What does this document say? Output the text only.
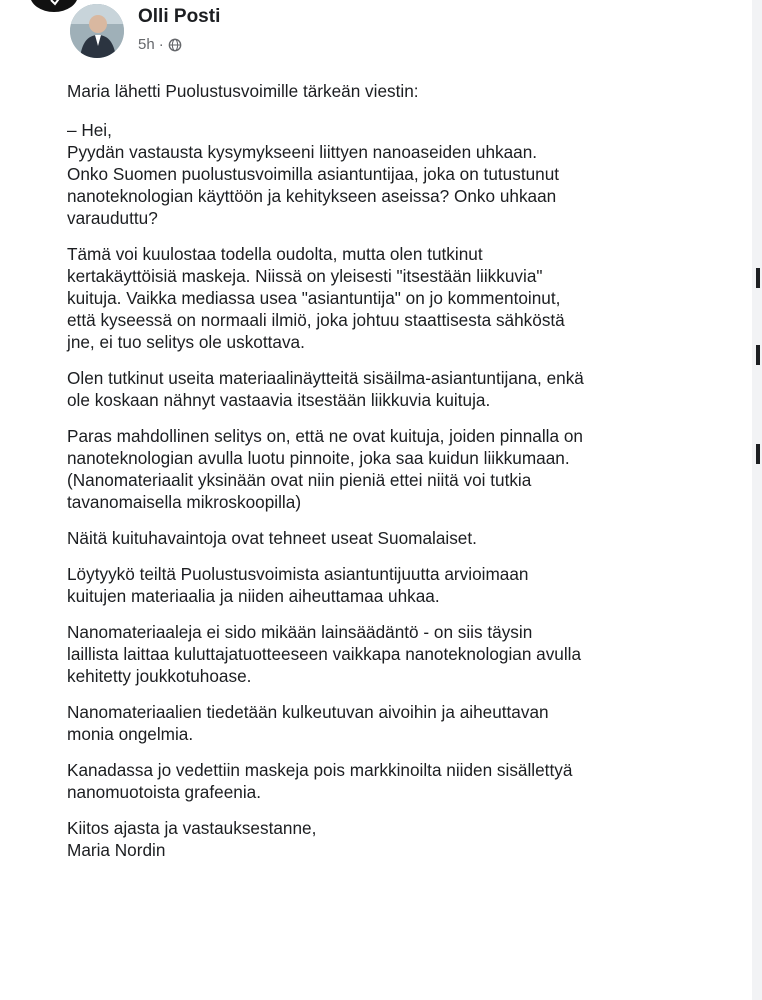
Olli Posti
5h ·

Maria lähetti Puolustusvoimille tärkeän viestin:

– Hei,
Pyydän vastausta kysymykseeni liittyen nanoaseiden uhkaan.
Onko Suomen puolustusvoimilla asiantuntijaa, joka on tutustunut
nanoteknologian käyttöön ja kehitykseen aseissa? Onko uhkaan
varauduttu?

Tämä voi kuulostaa todella oudolta, mutta olen tutkinut
kertakäyttöisiä maskeja. Niissä on yleisesti "itsestään liikkuvia"
kuituja. Vaikka mediassa usea "asiantuntija" on jo kommentoinut,
että kyseessä on normaali ilmiö, joka johtuu staattisesta sähköstä
jne, ei tuo selitys ole uskottava.

Olen tutkinut useita materiaalinäytteitä sisäilma-asiantuntijana, enkä
ole koskaan nähnyt vastaavia itsestään liikkuvia kuituja.

Paras mahdollinen selitys on, että ne ovat kuituja, joiden pinnalla on
nanoteknologian avulla luotu pinnoite, joka saa kuidun liikkumaan.
(Nanomateriaalit yksinään ovat niin pieniä ettei niitä voi tutkia
tavanomaisella mikroskoopilla)

Näitä kuituhavaintoja ovat tehneet useat Suomalaiset.

Löytyykö teiltä Puolustusvoimista asiantuntijuutta arvioimaan
kuitujen materiaalia ja niiden aiheuttamaa uhkaa.

Nanomateriaaleja ei sido mikään lainsäädäntö - on siis täysin
laillista laittaa kuluttajatuotteeseen vaikkapa nanoteknologian avulla
kehitetty joukkotuhoase.

Nanomateriaalien tiedetään kulkeutuvan aivoihin ja aiheuttavan
monia ongelmia.

Kanadassa jo vedettiin maskeja pois markkinoilta niiden sisällettyä
nanomuotoista grafeenia.

Kiitos ajasta ja vastauksestanne,
Maria Nordin
